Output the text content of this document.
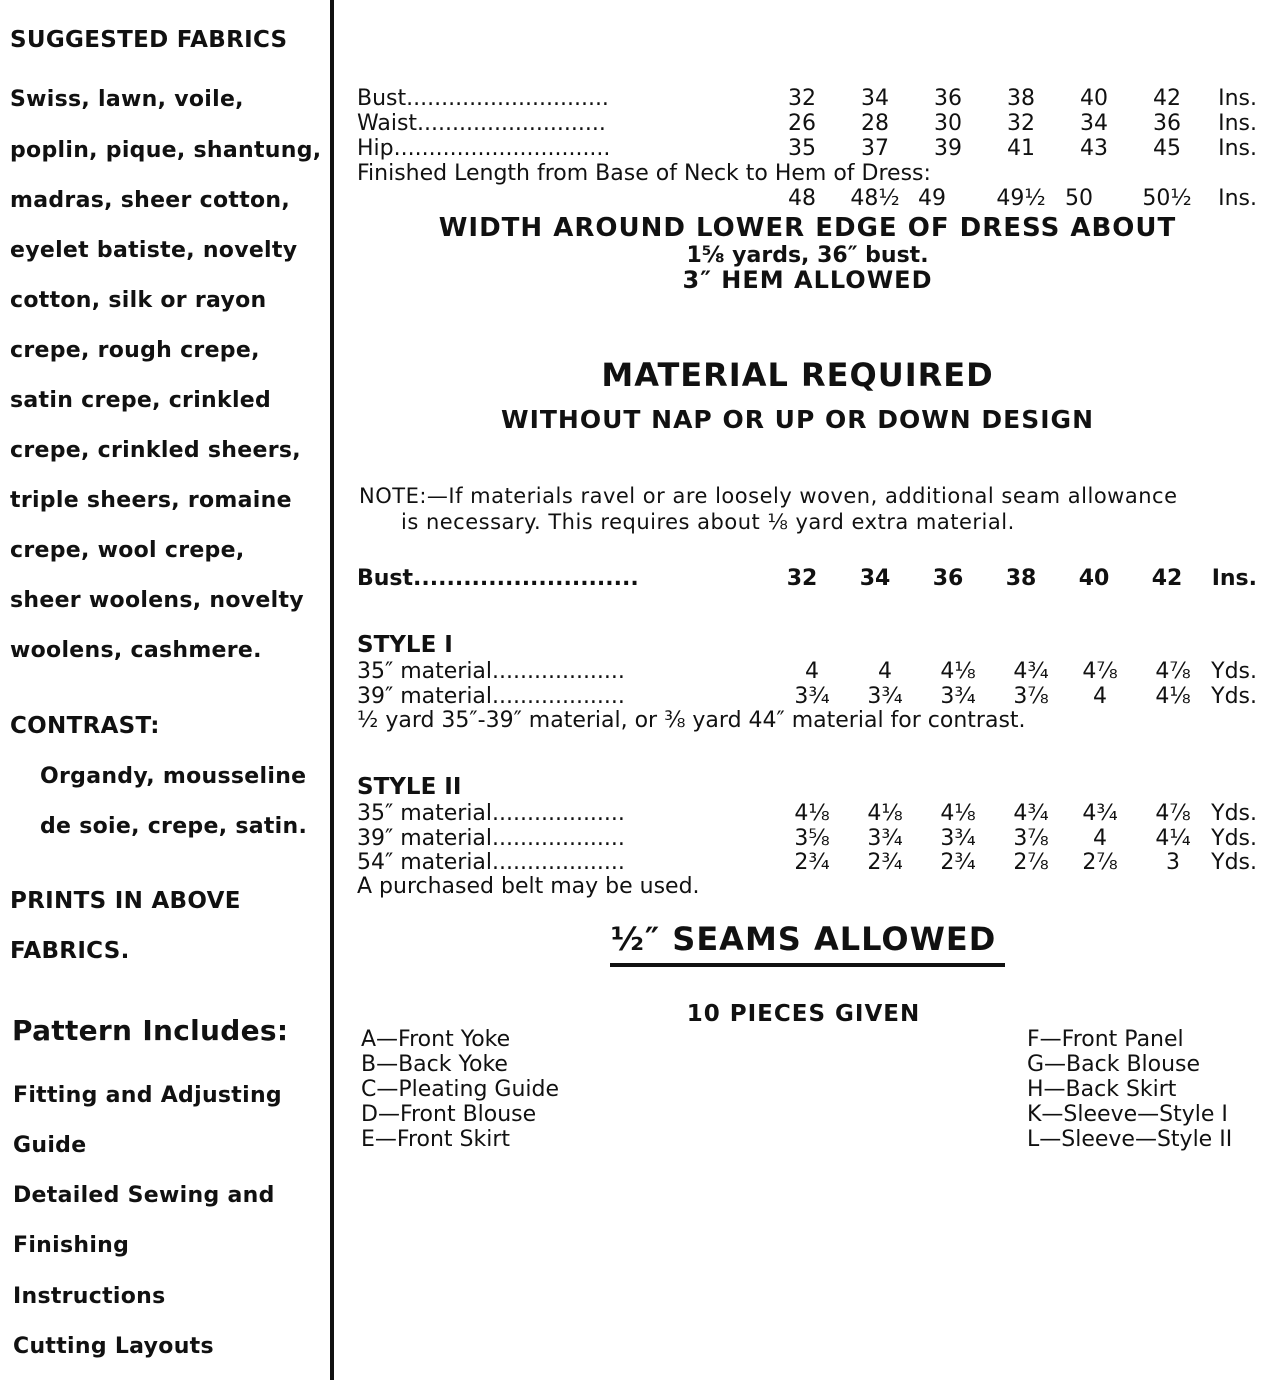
SUGGESTED FABRICS
Swiss, lawn, voile,
poplin, pique, shantung,
madras, sheer cotton,
eyelet batiste, novelty
cotton, silk or rayon
crepe, rough crepe,
satin crepe, crinkled
crepe, crinkled sheers,
triple sheers, romaine
crepe, wool crepe,
sheer woolens, novelty
woolens, cashmere.
CONTRAST:
Organdy, mousseline
de soie, crepe, satin.
PRINTS IN ABOVE
FABRICS.
Pattern Includes:
Fitting and Adjusting
Guide
Detailed Sewing and
Finishing
Instructions
Cutting Layouts
Bust.............................	32	34	36	38	40	42	Ins.
Waist...........................	26	28	30	32	34	36	Ins.
Hip...............................	35	37	39	41	43	45	Ins.
Finished Length from Base of Neck to Hem of Dress:
48	48½ 49	49½ 50	50½	Ins.
WIDTH AROUND LOWER EDGE OF DRESS ABOUT
1⅝ yards, 36″ bust.
3″ HEM ALLOWED
MATERIAL REQUIRED
WITHOUT NAP OR UP OR DOWN DESIGN
NOTE:—If materials ravel or are loosely woven, additional seam allowance
is necessary. This requires about ⅛ yard extra material.
Bust...........................	32	34	36	38	40	42	Ins.
STYLE I
35″ material...................	4	4	4⅛	4¾	4⅞	4⅞ Yds.
39″ material...................	3¾	3¾	3¾	3⅞	4	4⅛ Yds.
½ yard 35″-39″ material, or ⅜ yard 44″ material for contrast.
STYLE II
35″ material...................	4⅛	4⅛	4⅛	4¾	4¾	4⅞ Yds.
39″ material...................	3⅝	3¾	3¾	3⅞	4	4¼ Yds.
54″ material...................	2¾	2¾	2¾	2⅞	2⅞	3	Yds.
A purchased belt may be used.
½″ SEAMS ALLOWED
10 PIECES GIVEN
A—Front Yoke
B—Back Yoke
C—Pleating Guide
D—Front Blouse
E—Front Skirt
F—Front Panel
G—Back Blouse
H—Back Skirt
K—Sleeve—Style I
L—Sleeve—Style II
